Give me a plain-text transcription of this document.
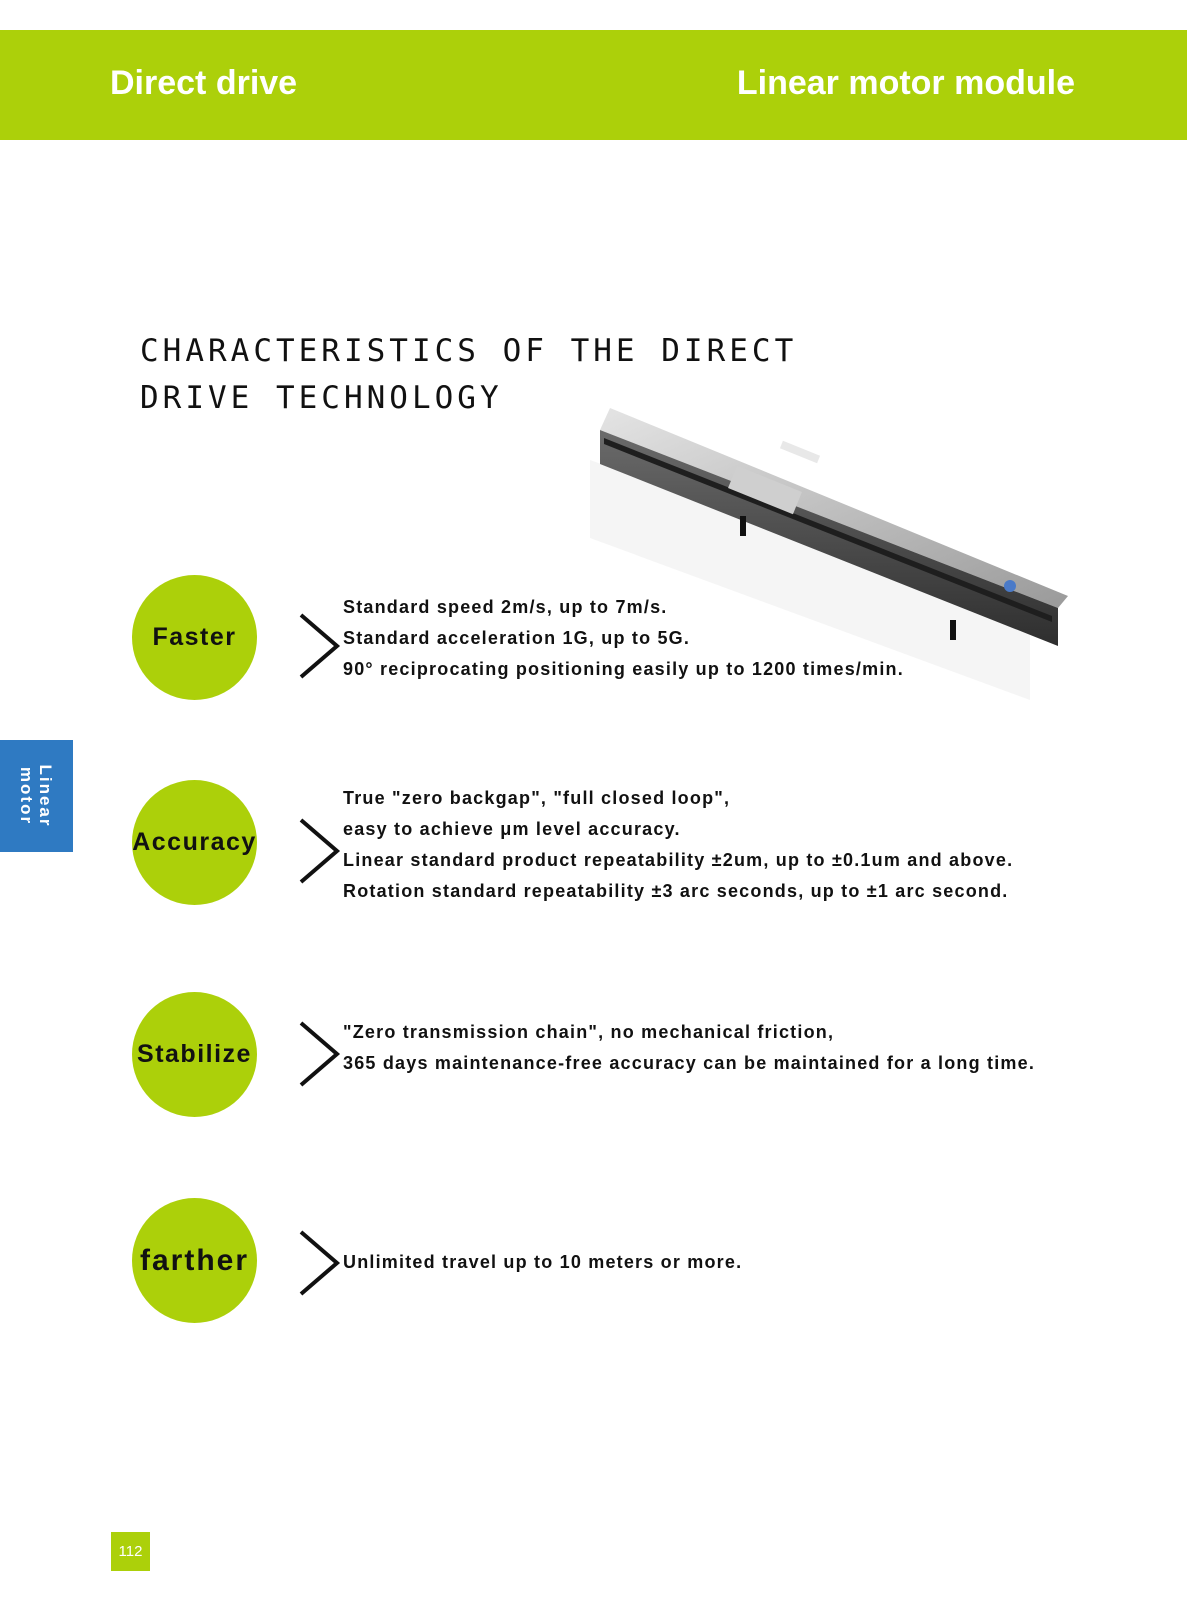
Direct drive	Linear motor module
CHARACTERISTICS OF THE DIRECT
DRIVE TECHNOLOGY
Faster
Standard speed 2m/s, up to 7m/s.
Standard acceleration 1G, up to 5G.
90° reciprocating positioning easily up to 1200 times/min.
Accuracy
True "zero backgap", "full closed loop",
easy to achieve μm level accuracy.
Linear standard product repeatability ±2um, up to ±0.1um and above.
Rotation standard repeatability ±3 arc seconds, up to ±1 arc second.
Stabilize
"Zero transmission chain", no mechanical friction,
365 days maintenance-free accuracy can be maintained for a long time.
farther	Unlimited travel up to 10 meters or more.
Linear
motor
112
